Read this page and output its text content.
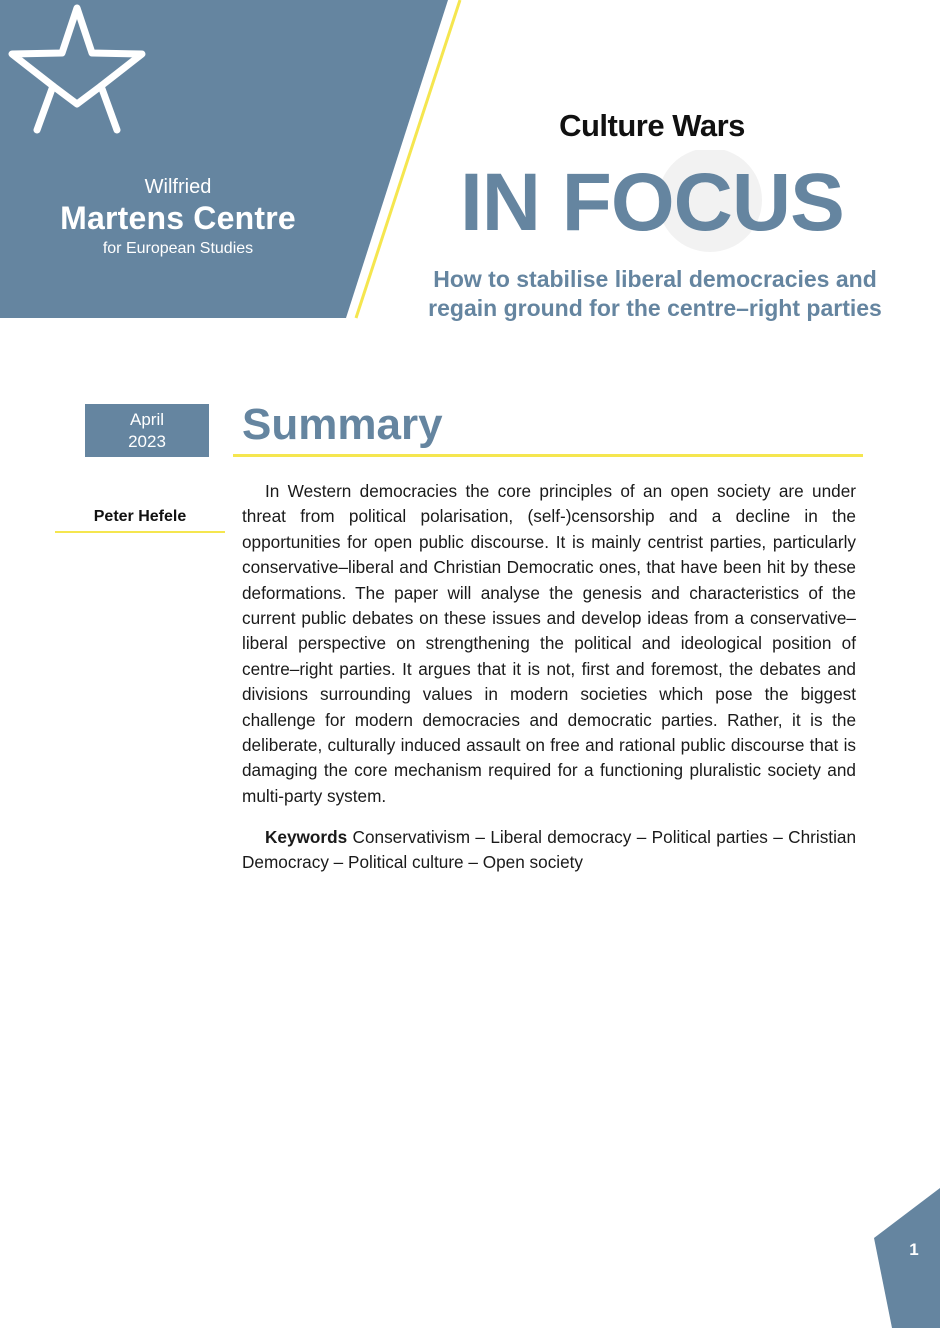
Wilfried
Martens Centre
for European Studies
Culture Wars
IN FOCUS
How to stabilise liberal democracies and regain ground for the centre–right parties
April
2023
Peter Hefele
Summary

In Western democracies the core principles of an open society are under threat from political polarisation, (self-)censorship and a decline in the opportunities for open public discourse. It is mainly centrist parties, particularly conservative–liberal and Christian Democratic ones, that have been hit by these deformations. The paper will analyse the genesis and characteristics of the current public debates on these issues and develop ideas from a conservative–liberal perspective on strengthening the political and ideological position of centre–right parties. It argues that it is not, first and foremost, the debates and divisions surrounding values in modern societies which pose the biggest challenge for modern democracies and democratic parties. Rather, it is the deliberate, culturally induced assault on free and rational public discourse that is damaging the core mechanism required for a functioning pluralistic society and multi-party system.

Keywords Conservativism – Liberal democracy – Political parties – Christian Democracy – Political culture – Open society

1
